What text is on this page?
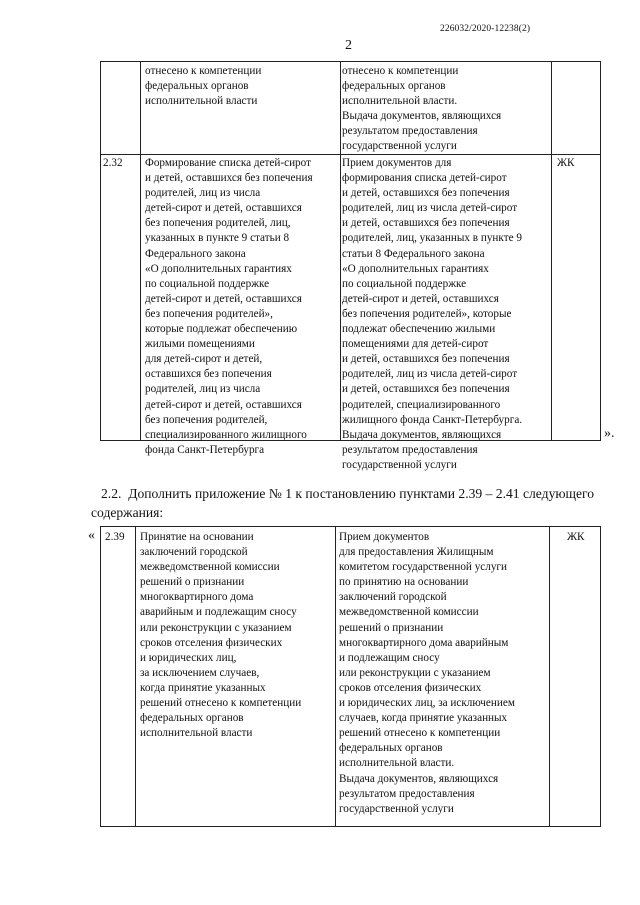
226032/2020-12238(2)
2
отнесено к компетенции
федеральных органов
исполнительной власти
отнесено к компетенции
федеральных органов
исполнительной власти.
Выдача документов, являющихся
результатом предоставления
государственной услуги
2.32 Формирование списка детей-сирот
и детей, оставшихся без попечения
родителей, лиц из числа
детей-сирот и детей, оставшихся
без попечения родителей, лиц,
указанных в пункте 9 статьи 8
Федерального закона
«О дополнительных гарантиях
по социальной поддержке
детей-сирот и детей, оставшихся
без попечения родителей»,
которые подлежат обеспечению
жилыми помещениями
для детей-сирот и детей,
оставшихся без попечения
родителей, лиц из числа
детей-сирот и детей, оставшихся
без попечения родителей,
специализированного жилищного
фонда Санкт-Петербурга
Прием документов для
формирования списка детей-сирот
и детей, оставшихся без попечения
родителей, лиц из числа детей-сирот
и детей, оставшихся без попечения
родителей, лиц, указанных в пункте 9
статьи 8 Федерального закона
«О дополнительных гарантиях
по социальной поддержке
детей-сирот и детей, оставшихся
без попечения родителей», которые
подлежат обеспечению жилыми
помещениями для детей-сирот
и детей, оставшихся без попечения
родителей, лиц из числа детей-сирот
и детей, оставшихся без попечения
родителей, специализированного
жилищного фонда Санкт-Петербурга.
Выдача документов, являющихся
результатом предоставления
государственной услуги
ЖК
».
2.2.  Дополнить приложение № 1 к постановлению пунктами 2.39 – 2.41 следующего
содержания:
« 2.39 Принятие на основании
заключений городской
межведомственной комиссии
решений о признании
многоквартирного дома
аварийным и подлежащим сносу
или реконструкции с указанием
сроков отселения физических
и юридических лиц,
за исключением случаев,
когда принятие указанных
решений отнесено к компетенции
федеральных органов
исполнительной власти
Прием документов
для предоставления Жилищным
комитетом государственной услуги
по принятию на основании
заключений городской
межведомственной комиссии
решений о признании
многоквартирного дома аварийным
и подлежащим сносу
или реконструкции с указанием
сроков отселения физических
и юридических лиц, за исключением
случаев, когда принятие указанных
решений отнесено к компетенции
федеральных органов
исполнительной власти.
Выдача документов, являющихся
результатом предоставления
государственной услуги
ЖК
